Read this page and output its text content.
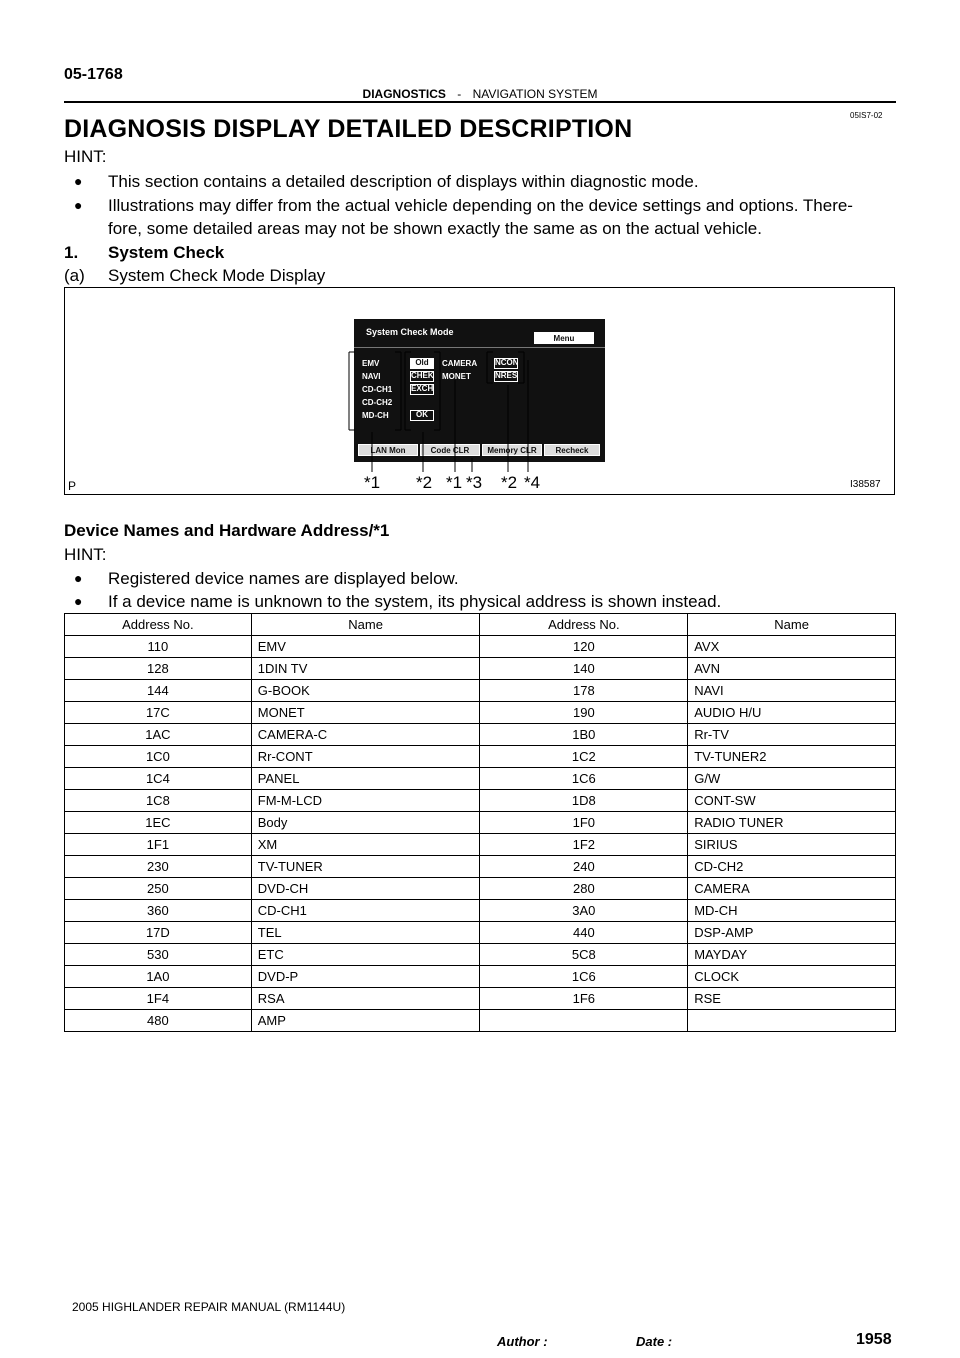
05-1768
DIAGNOSTICS - NAVIGATION SYSTEM
05IS7-02
DIAGNOSIS DISPLAY DETAILED DESCRIPTION
HINT:
● This section contains a detailed description of displays within diagnostic mode.
● Illustrations may differ from the actual vehicle depending on the device settings and options. There-
fore, some detailed areas may not be shown exactly the same as on the actual vehicle.
1. System Check
(a) System Check Mode Display
P	I38587
System Check Mode
Menu
EMV
NAVI
CD-CH1
CD-CH2
MD-CH
Old
CHEK
EXCH
OK
CAMERA
MONET
NCON
NRES
LAN Mon	Code CLR	Memory CLR	Recheck
*1 *2 *1 *3 *2 *4
Device Names and Hardware Address/*1
HINT:
● Registered device names are displayed below.
● If a device name is unknown to the system, its physical address is shown instead.
Address No.	Name	Address No.	Name
110	EMV	120	AVX
128	1DIN TV	140	AVN
144	G-BOOK	178	NAVI
17C	MONET	190	AUDIO H/U
1AC	CAMERA-C	1B0	Rr-TV
1C0	Rr-CONT	1C2	TV-TUNER2
1C4	PANEL	1C6	G/W
1C8	FM-M-LCD	1D8	CONT-SW
1EC	Body	1F0	RADIO TUNER
1F1	XM	1F2	SIRIUS
230	TV-TUNER	240	CD-CH2
250	DVD-CH	280	CAMERA
360	CD-CH1	3A0	MD-CH
17D	TEL	440	DSP-AMP
530	ETC	5C8	MAYDAY
1A0	DVD-P	1C6	CLOCK
1F4	RSA	1F6	RSE
480	AMP		
2005 HIGHLANDER REPAIR MANUAL (RM1144U)
Author :	Date :	1958
